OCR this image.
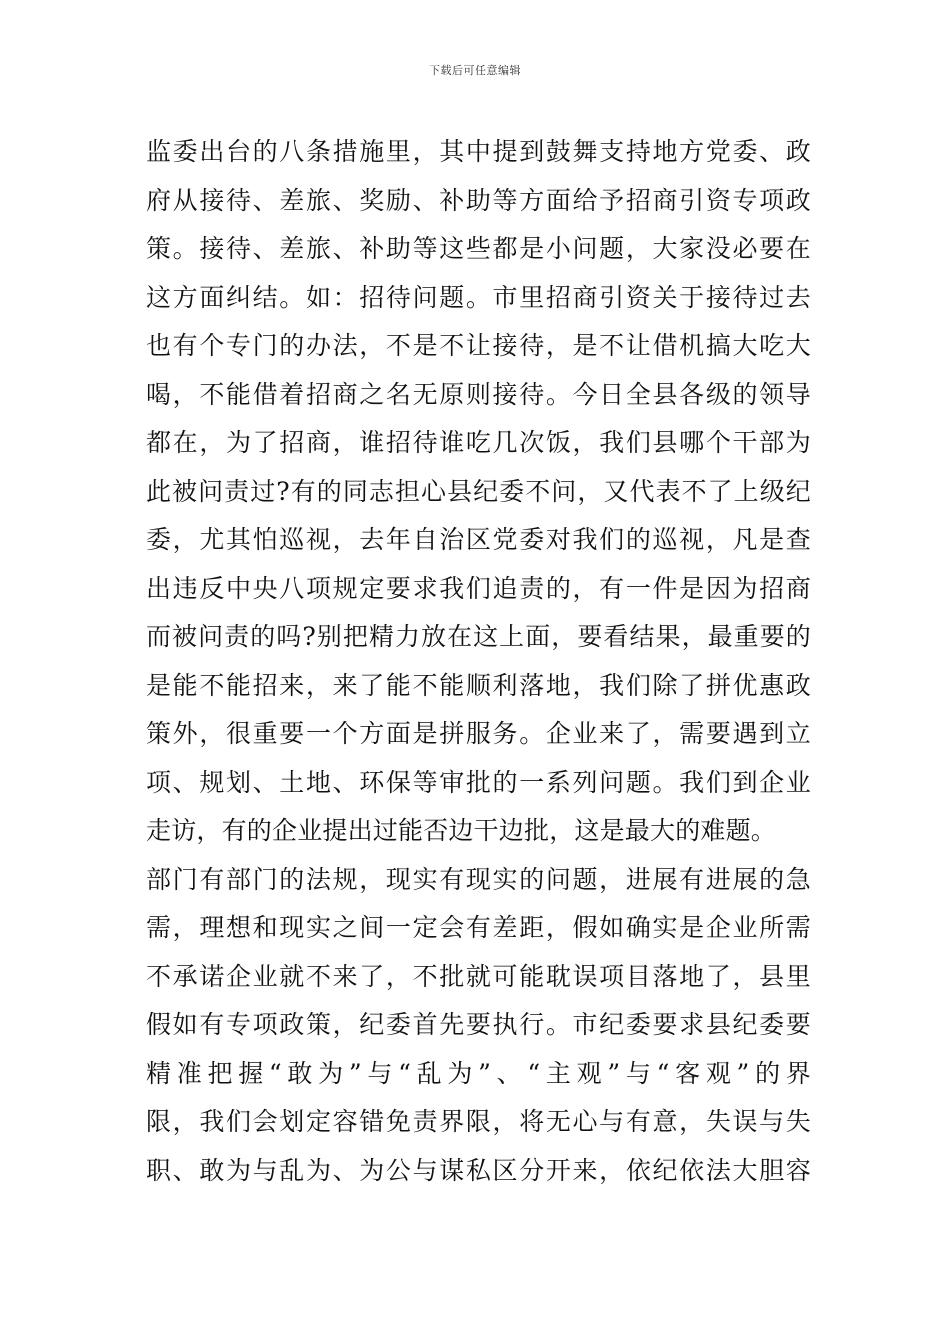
下载后可任意编辑
监委出台的八条措施里，其中提到鼓舞支持地方党委、政
府从接待、差旅、奖励、补助等方面给予招商引资专项政
策。接待、差旅、补助等这些都是小问题，大家没必要在
这方面纠结。如：招待问题。市里招商引资关于接待过去
也有个专门的办法，不是不让接待，是不让借机搞大吃大
喝，不能借着招商之名无原则接待。今日全县各级的领导
都在，为了招商，谁招待谁吃几次饭，我们县哪个干部为
此被问责过?有的同志担心县纪委不问，又代表不了上级纪
委，尤其怕巡视，去年自治区党委对我们的巡视，凡是查
出违反中央八项规定要求我们追责的，有一件是因为招商
而被问责的吗?别把精力放在这上面，要看结果，最重要的
是能不能招来，来了能不能顺利落地，我们除了拼优惠政
策外，很重要一个方面是拼服务。企业来了，需要遇到立
项、规划、土地、环保等审批的一系列问题。我们到企业
走访，有的企业提出过能否边干边批，这是最大的难题。
部门有部门的法规，现实有现实的问题，进展有进展的急
需，理想和现实之间一定会有差距，假如确实是企业所需
不承诺企业就不来了，不批就可能耽误项目落地了，县里
假如有专项政策，纪委首先要执行。市纪委要求县纪委要
精准把握“敢为”与“乱为”、“主观”与“客观”的界
限，我们会划定容错免责界限，将无心与有意，失误与失
职、敢为与乱为、为公与谋私区分开来，依纪依法大胆容
